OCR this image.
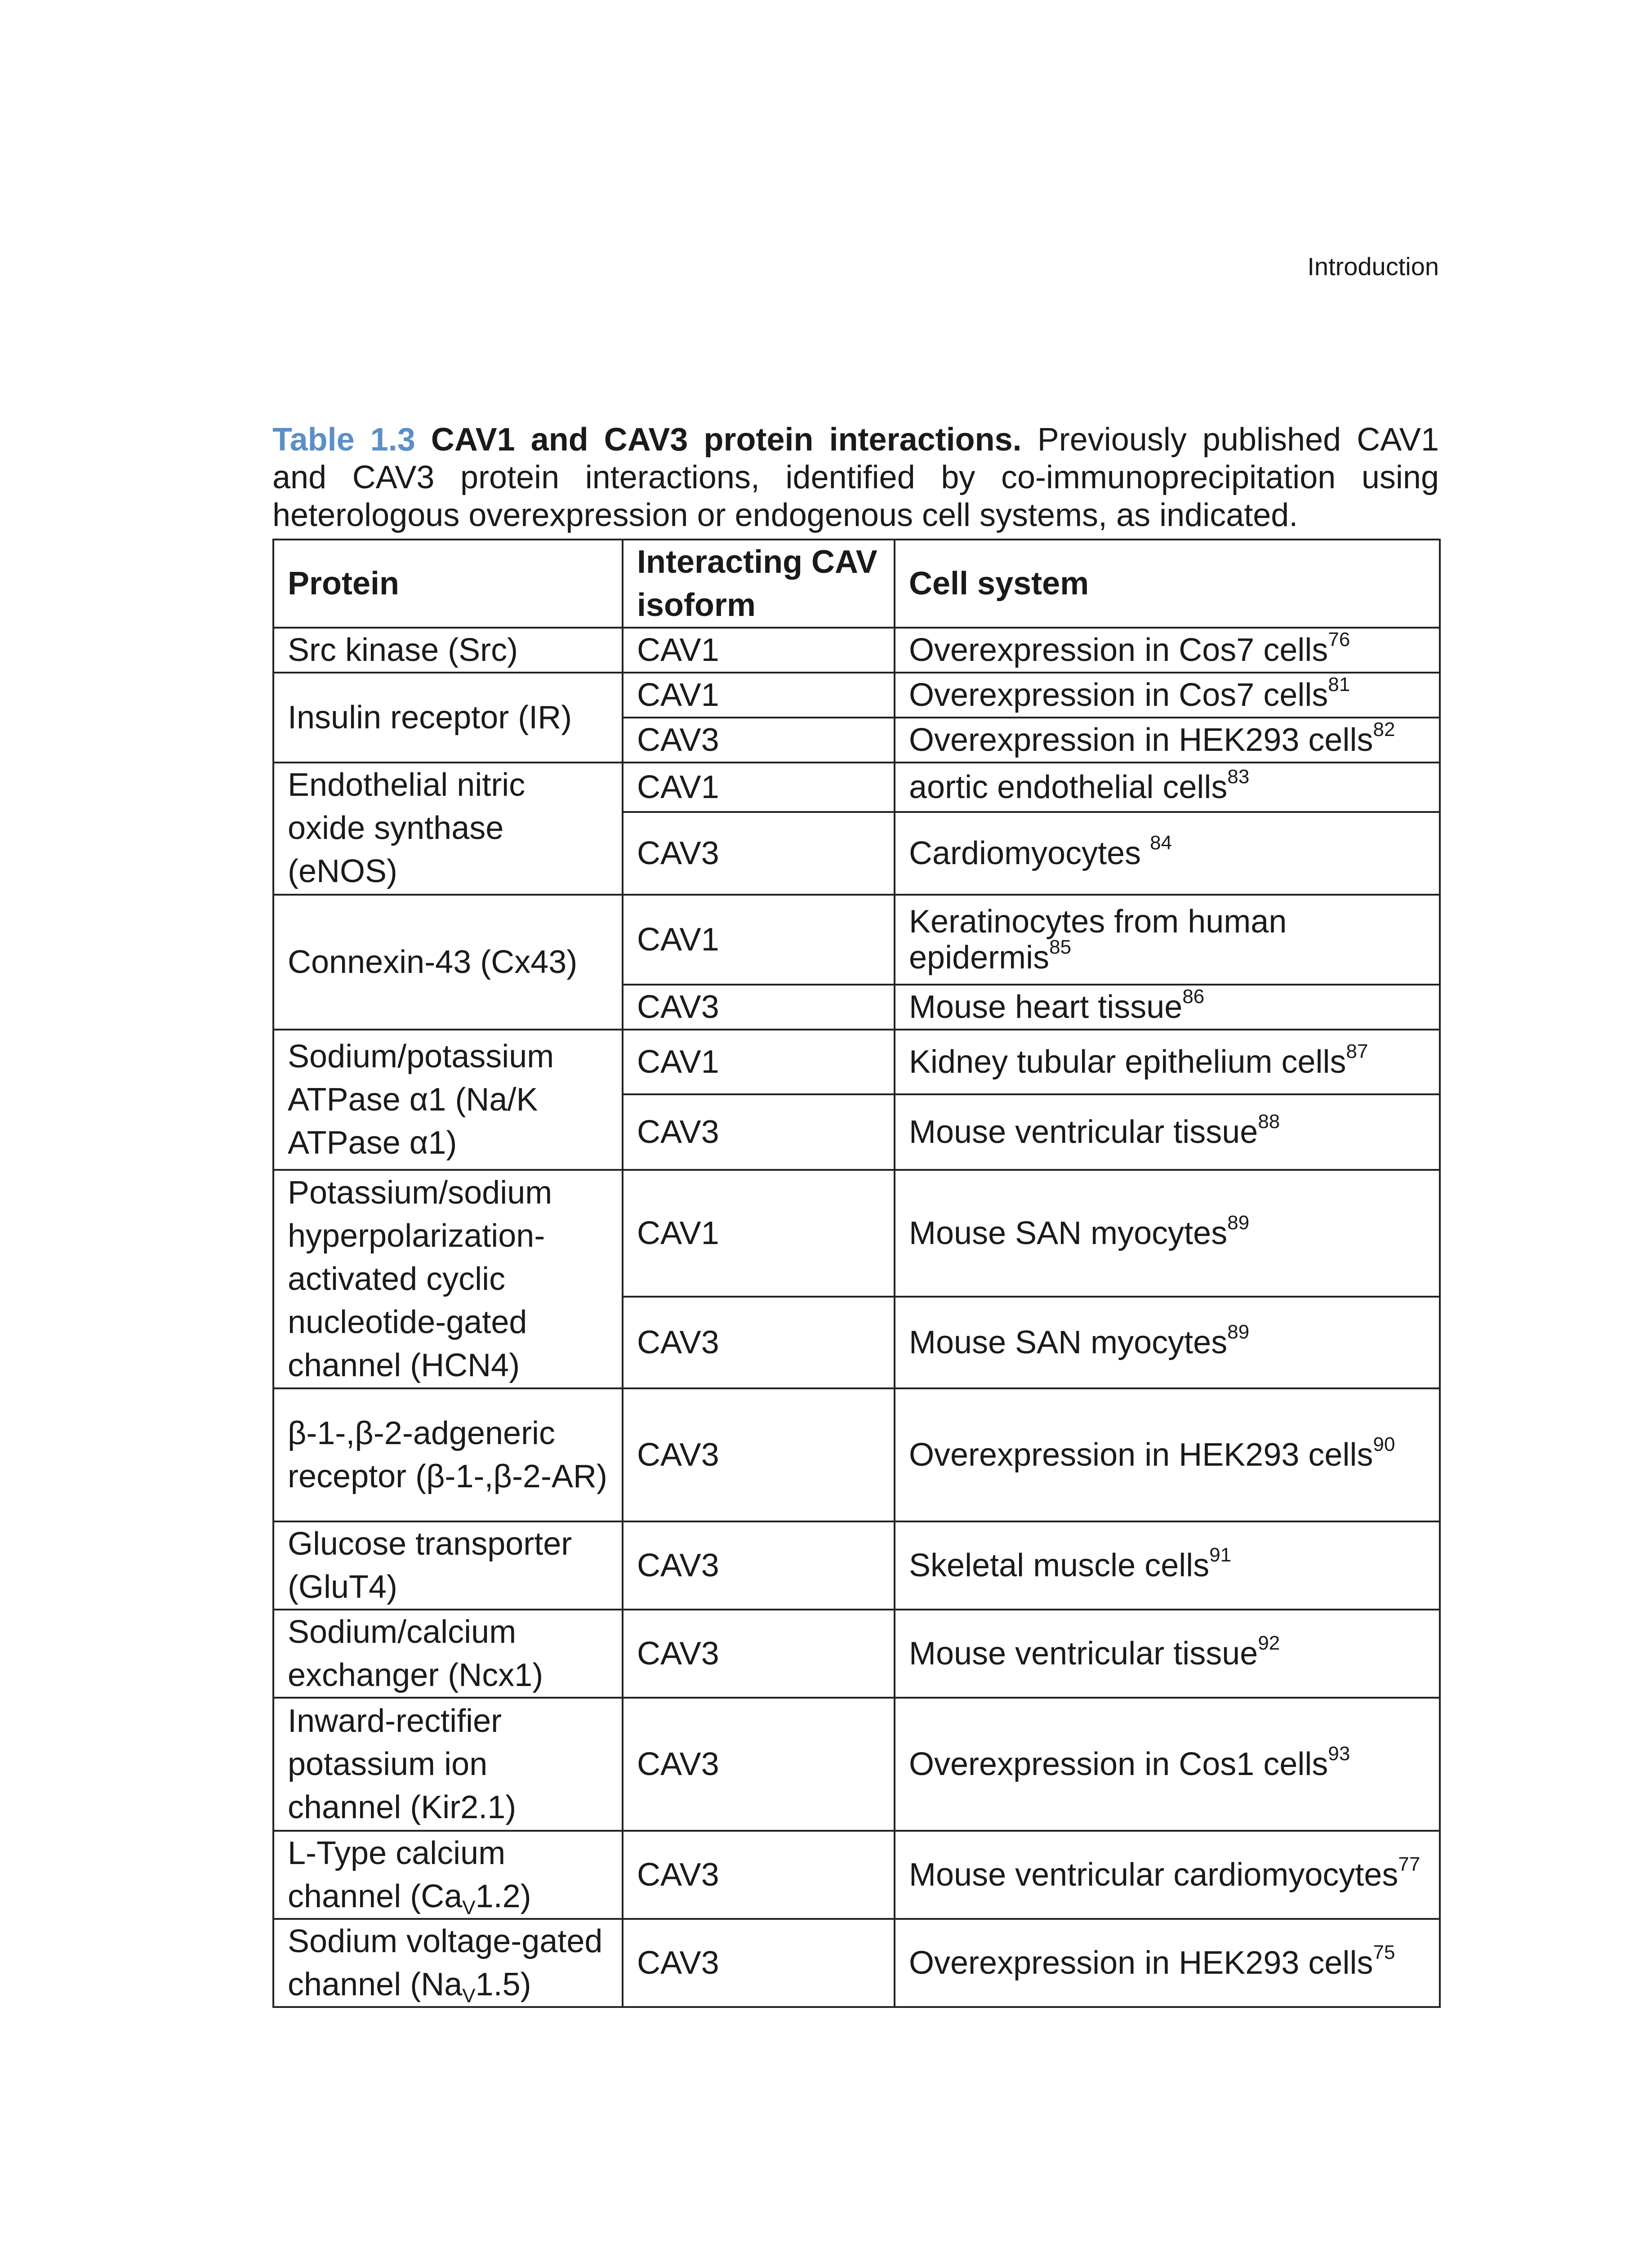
Introduction
Table 1.3 CAV1 and CAV3 protein interactions. Previously published CAV1 and CAV3 protein interactions, identified by co-immunoprecipitation using heterologous overexpression or endogenous cell systems, as indicated.
Protein	Interacting CAV isoform	Cell system
Src kinase (Src)	CAV1	Overexpression in Cos7 cells$^{76}$
Insulin receptor (IR)	CAV1	Overexpression in Cos7 cells$^{81}$
	CAV3	Overexpression in HEK293 cells$^{82}$
Endothelial nitric oxide synthase (eNOS)	CAV1	aortic endothelial cells$^{83}$
	CAV3	Cardiomyocytes $^{84}$
Connexin-43 (Cx43)	CAV1	Keratinocytes from human epidermis$^{85}$
	CAV3	Mouse heart tissue$^{86}$
Sodium/potassium ATPase α1 (Na/K ATPase α1)	CAV1	Kidney tubular epithelium cells$^{87}$
	CAV3	Mouse ventricular tissue$^{88}$
Potassium/sodium hyperpolarization-activated cyclic nucleotide-gated channel (HCN4)	CAV1	Mouse SAN myocytes$^{89}$
	CAV3	Mouse SAN myocytes$^{89}$
β-1-,β-2-adgeneric receptor (β-1-,β-2-AR)	CAV3	Overexpression in HEK293 cells$^{90}$
Glucose transporter (GluT4)	CAV3	Skeletal muscle cells$^{91}$
Sodium/calcium exchanger (Ncx1)	CAV3	Mouse ventricular tissue$^{92}$
Inward-rectifier potassium ion channel (Kir2.1)	CAV3	Overexpression in Cos1 cells$^{93}$
L-Type calcium channel $(Ca_V1.2)$	CAV3	Mouse ventricular cardiomyocytes$^{77}$
Sodium voltage-gated channel $(Na_V1.5)$	CAV3	Overexpression in HEK293 cells$^{75}$
